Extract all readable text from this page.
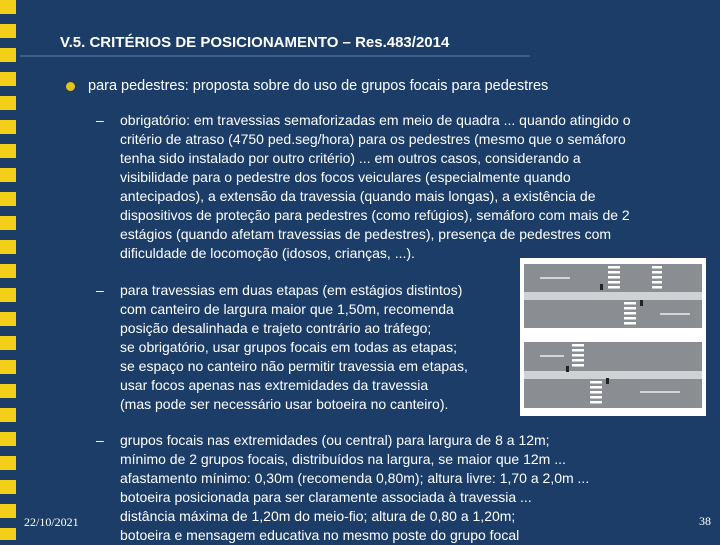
V.5. CRITÉRIOS DE POSICIONAMENTO – Res.483/2014
para pedestres: proposta sobre do uso de grupos focais para pedestres
– obrigatório: em travessias semaforizadas em meio de quadra ... quando atingido o
critério de atraso (4750 ped.seg/hora) para os pedestres (mesmo que o semáforo
tenha sido instalado por outro critério) ... em outros casos, considerando a
visibilidade para o pedestre dos focos veiculares (especialmente quando
antecipados), a extensão da travessia (quando mais longas), a existência de
dispositivos de proteção para pedestres (como refúgios), semáforo com mais de 2
estágios (quando afetam travessias de pedestres), presença de pedestres com
dificuldade de locomoção (idosos, crianças, ...).
– para travessias em duas etapas (em estágios distintos)
com canteiro de largura maior que 1,50m, recomenda
posição desalinhada e trajeto contrário ao tráfego;
se obrigatório, usar grupos focais em todas as etapas;
se espaço no canteiro não permitir travessia em etapas,
usar focos apenas nas extremidades da travessia
(mas pode ser necessário usar botoeira no canteiro).
– grupos focais nas extremidades (ou central) para largura de 8 a 12m;
mínimo de 2 grupos focais, distribuídos na largura, se maior que 12m ...
afastamento mínimo: 0,30m (recomenda 0,80m); altura livre: 1,70 a 2,0m ...
botoeira posicionada para ser claramente associada à travessia ...
distância máxima de 1,20m do meio-fio; altura de 0,80 a 1,20m;
botoeira e mensagem educativa no mesmo poste do grupo focal
22/10/2021	38
